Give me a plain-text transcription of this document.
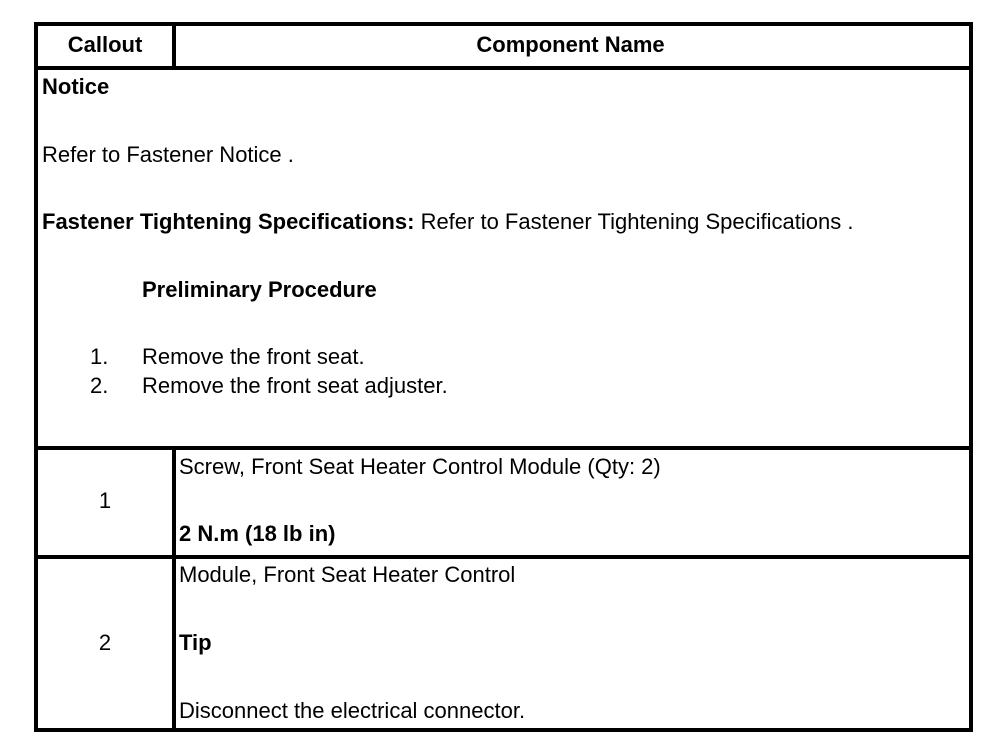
Callout	Component Name
Notice
Refer to Fastener Notice .
Fastener Tightening Specifications: Refer to Fastener Tightening Specifications .
Preliminary Procedure
1. Remove the front seat.
2. Remove the front seat adjuster.
1
Screw, Front Seat Heater Control Module (Qty: 2)
2 N.m (18 lb in)
2
Module, Front Seat Heater Control
Tip
Disconnect the electrical connector.
